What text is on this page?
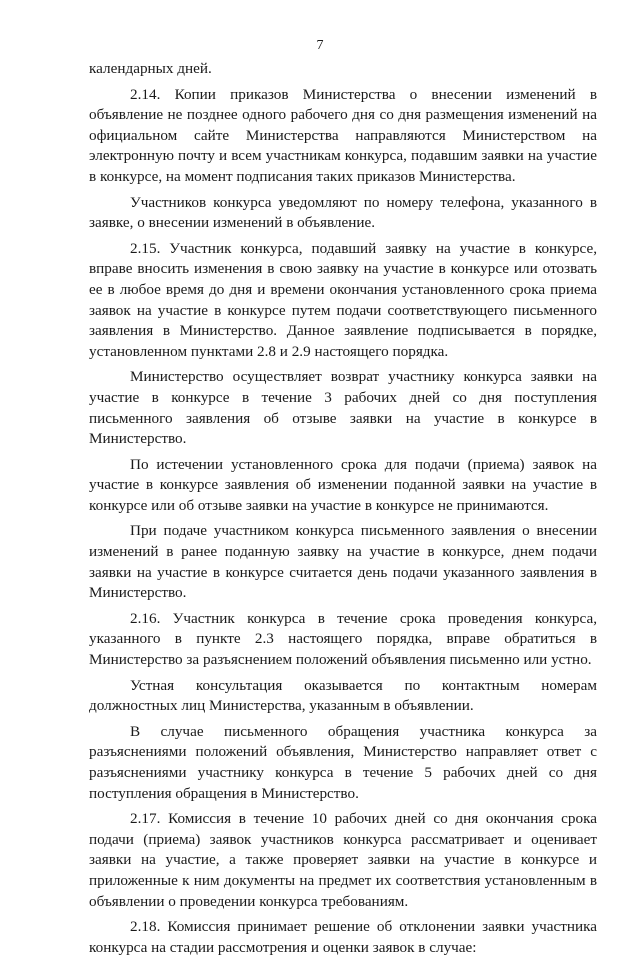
7

календарных дней.

2.14. Копии приказов Министерства о внесении изменений в объявление не позднее одного рабочего дня со дня размещения изменений на официальном сайте Министерства направляются Министерством на электронную почту и всем участникам конкурса, подавшим заявки на участие в конкурсе, на момент подписания таких приказов Министерства.

Участников конкурса уведомляют по номеру телефона, указанного в заявке, о внесении изменений в объявление.

2.15. Участник конкурса, подавший заявку на участие в конкурсе, вправе вносить изменения в свою заявку на участие в конкурсе или отозвать ее в любое время до дня и времени окончания установленного срока приема заявок на участие в конкурсе путем подачи соответствующего письменного заявления в Министерство. Данное заявление подписывается в порядке, установленном пунктами 2.8 и 2.9 настоящего порядка.

Министерство осуществляет возврат участнику конкурса заявки на участие в конкурсе в течение 3 рабочих дней со дня поступления письменного заявления об отзыве заявки на участие в конкурсе в Министерство.

По истечении установленного срока для подачи (приема) заявок на участие в конкурсе заявления об изменении поданной заявки на участие в конкурсе или об отзыве заявки на участие в конкурсе не принимаются.

При подаче участником конкурса письменного заявления о внесении изменений в ранее поданную заявку на участие в конкурсе, днем подачи заявки на участие в конкурсе считается день подачи указанного заявления в Министерство.

2.16. Участник конкурса в течение срока проведения конкурса, указанного в пункте 2.3 настоящего порядка, вправе обратиться в Министерство за разъяснением положений объявления письменно или устно.

Устная консультация оказывается по контактным номерам должностных лиц Министерства, указанным в объявлении.

В случае письменного обращения участника конкурса за разъяснениями положений объявления, Министерство направляет ответ с разъяснениями участнику конкурса в течение 5 рабочих дней со дня поступления обращения в Министерство.

2.17. Комиссия в течение 10 рабочих дней со дня окончания срока подачи (приема) заявок участников конкурса рассматривает и оценивает заявки на участие, а также проверяет заявки на участие в конкурсе и приложенные к ним документы на предмет их соответствия установленным в объявлении о проведении конкурса требованиям.

2.18. Комиссия принимает решение об отклонении заявки участника конкурса на стадии рассмотрения и оценки заявок в случае:
